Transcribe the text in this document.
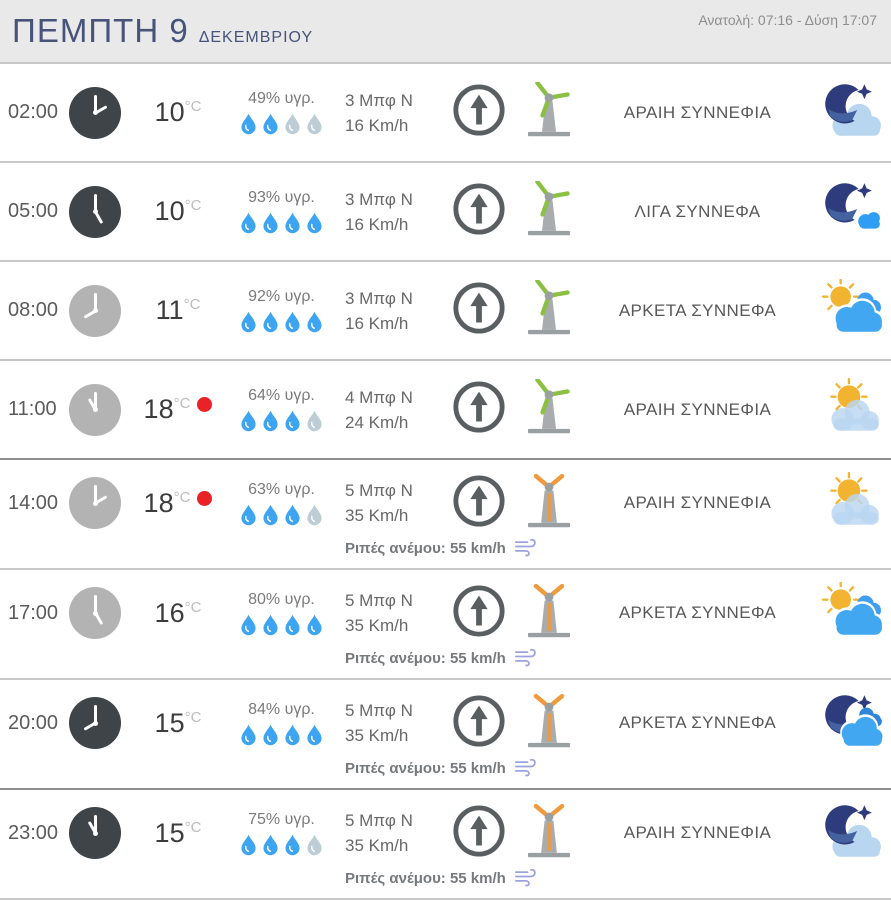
ΠΕΜΠΤΗ 9 ΔΕΚΕΜΒΡΙΟΥ
Ανατολή: 07:16 - Δύση 17:07
02:00	10 °C	49% υγρ.	3 Μπφ N
16 Km/h
ΑΡΑΙΗ ΣΥΝΝΕΦΙΑ
05:00	10 °C	93% υγρ.	3 Μπφ N
16 Km/h
ΛΙΓΑ ΣΥΝΝΕΦΑ
08:00	11 °C	92% υγρ.	3 Μπφ N
16 Km/h
ΑΡΚΕΤΑ ΣΥΝΝΕΦΑ
11:00	18 °C	64% υγρ.	4 Μπφ N
24 Km/h
ΑΡΑΙΗ ΣΥΝΝΕΦΙΑ
14:00	18 °C	63% υγρ.	5 Μπφ N
35 Km/h
ΑΡΑΙΗ ΣΥΝΝΕΦΙΑ
Ριπές ανέμου: 55 km/h
17:00	16 °C	80% υγρ.	5 Μπφ N
35 Km/h
ΑΡΚΕΤΑ ΣΥΝΝΕΦΑ
Ριπές ανέμου: 55 km/h
20:00	15 °C	84% υγρ.	5 Μπφ N
35 Km/h
ΑΡΚΕΤΑ ΣΥΝΝΕΦΑ
Ριπές ανέμου: 55 km/h
23:00	15 °C	75% υγρ.	5 Μπφ N
35 Km/h
ΑΡΑΙΗ ΣΥΝΝΕΦΙΑ
Ριπές ανέμου: 55 km/h
